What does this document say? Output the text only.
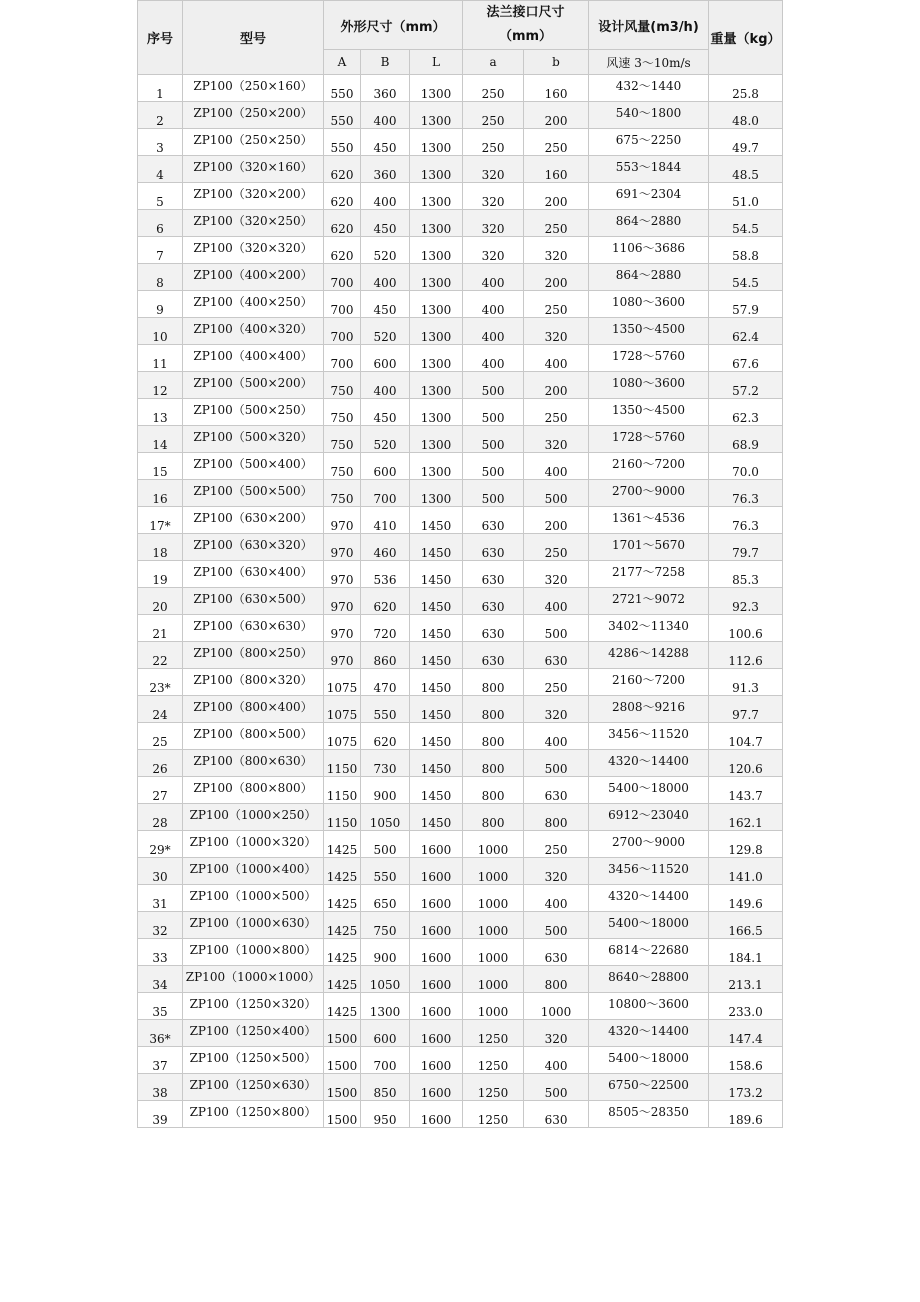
序号	型号	外形尺寸（mm）			法兰接口尺寸
（mm）		设计风量(m3/h)	重量（kg）
		A	B	L	a	b	风速 3～10m/s	
1	ZP100（250×160）	550	360	1300	250	160	432～1440	25.8
2	ZP100（250×200）	550	400	1300	250	200	540～1800	48.0
3	ZP100（250×250）	550	450	1300	250	250	675～2250	49.7
4	ZP100（320×160）	620	360	1300	320	160	553～1844	48.5
5	ZP100（320×200）	620	400	1300	320	200	691～2304	51.0
6	ZP100（320×250）	620	450	1300	320	250	864～2880	54.5
7	ZP100（320×320）	620	520	1300	320	320	1106～3686	58.8
8	ZP100（400×200）	700	400	1300	400	200	864～2880	54.5
9	ZP100（400×250）	700	450	1300	400	250	1080～3600	57.9
10	ZP100（400×320）	700	520	1300	400	320	1350～4500	62.4
11	ZP100（400×400）	700	600	1300	400	400	1728～5760	67.6
12	ZP100（500×200）	750	400	1300	500	200	1080～3600	57.2
13	ZP100（500×250）	750	450	1300	500	250	1350～4500	62.3
14	ZP100（500×320）	750	520	1300	500	320	1728～5760	68.9
15	ZP100（500×400）	750	600	1300	500	400	2160～7200	70.0
16	ZP100（500×500）	750	700	1300	500	500	2700～9000	76.3
17*	ZP100（630×200）	970	410	1450	630	200	1361～4536	76.3
18	ZP100（630×320）	970	460	1450	630	250	1701～5670	79.7
19	ZP100（630×400）	970	536	1450	630	320	2177～7258	85.3
20	ZP100（630×500）	970	620	1450	630	400	2721～9072	92.3
21	ZP100（630×630）	970	720	1450	630	500	3402～11340	100.6
22	ZP100（800×250）	970	860	1450	630	630	4286～14288	112.6
23*	ZP100（800×320）	1075	470	1450	800	250	2160～7200	91.3
24	ZP100（800×400）	1075	550	1450	800	320	2808～9216	97.7
25	ZP100（800×500）	1075	620	1450	800	400	3456～11520	104.7
26	ZP100（800×630）	1150	730	1450	800	500	4320～14400	120.6
27	ZP100（800×800）	1150	900	1450	800	630	5400～18000	143.7
28	ZP100（1000×250）	1150	1050	1450	800	800	6912～23040	162.1
29*	ZP100（1000×320）	1425	500	1600	1000	250	2700～9000	129.8
30	ZP100（1000×400）	1425	550	1600	1000	320	3456～11520	141.0
31	ZP100（1000×500）	1425	650	1600	1000	400	4320～14400	149.6
32	ZP100（1000×630）	1425	750	1600	1000	500	5400～18000	166.5
33	ZP100（1000×800）	1425	900	1600	1000	630	6814～22680	184.1
34	ZP100（1000×1000）	1425	1050	1600	1000	800	8640～28800	213.1
35	ZP100（1250×320）	1425	1300	1600	1000	1000	10800～3600	233.0
36*	ZP100（1250×400）	1500	600	1600	1250	320	4320～14400	147.4
37	ZP100（1250×500）	1500	700	1600	1250	400	5400～18000	158.6
38	ZP100（1250×630）	1500	850	1600	1250	500	6750～22500	173.2
39	ZP100（1250×800）	1500	950	1600	1250	630	8505～28350	189.6
